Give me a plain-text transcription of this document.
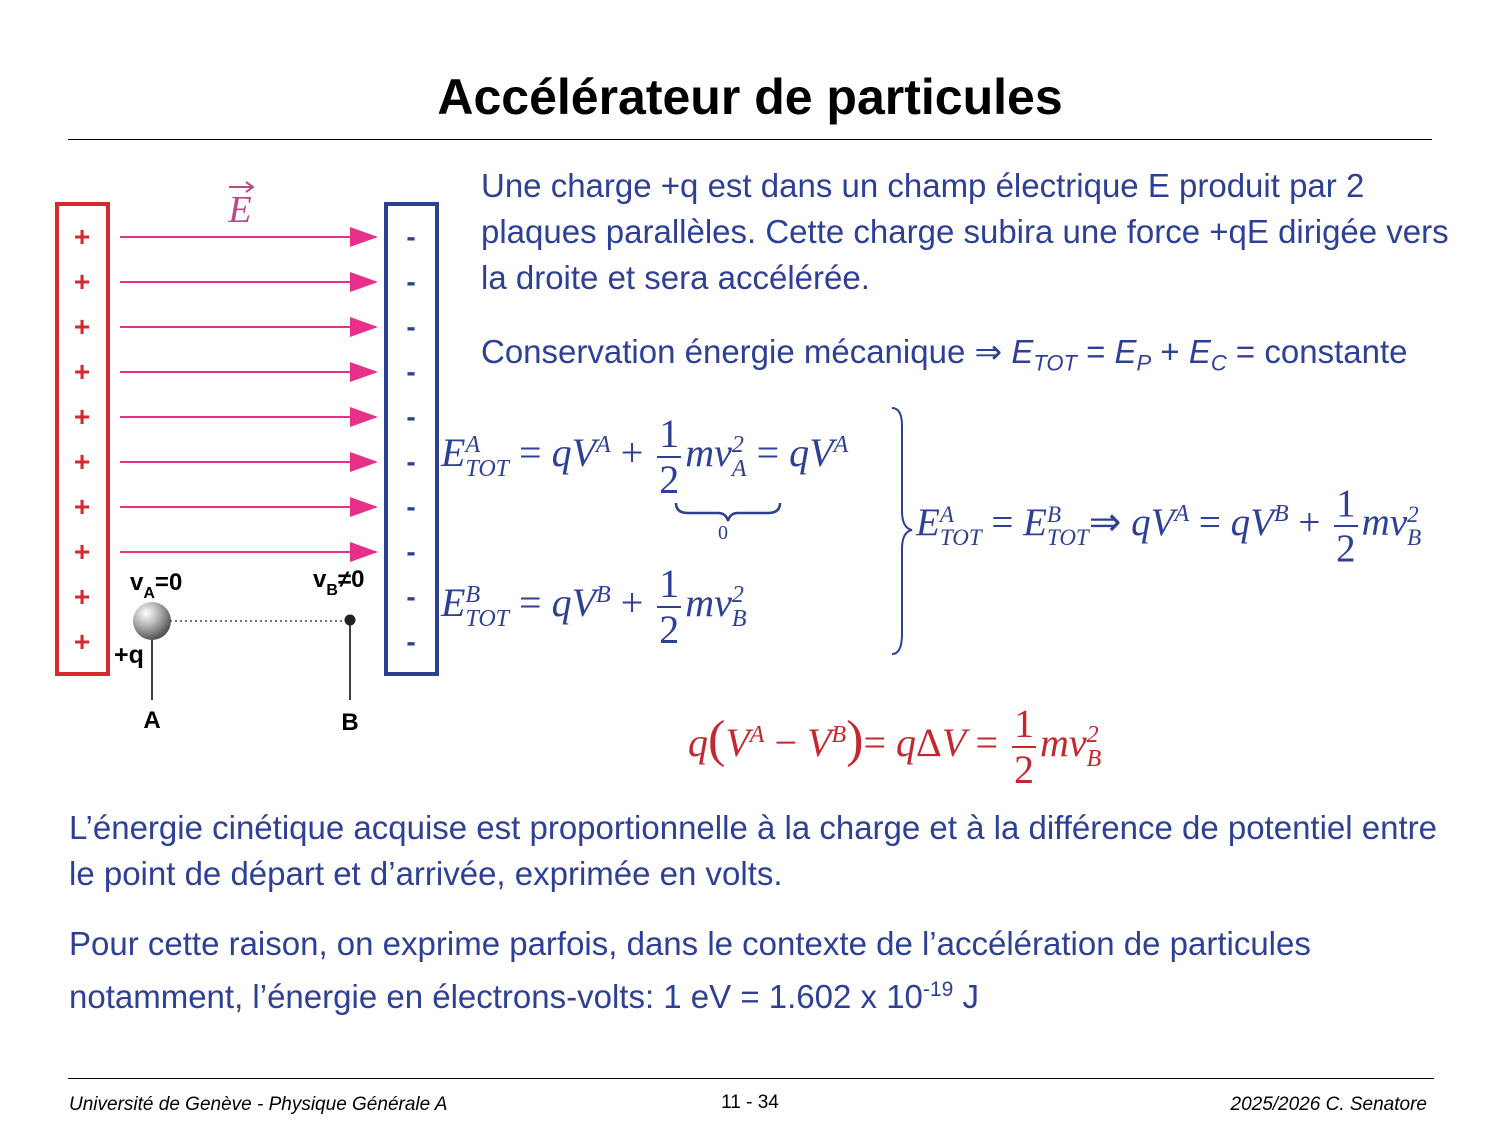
Accélérateur de particules
E
+	-
+	-
+	-
+	-
+	-
+	-
+	-
+	-
+	-
+	-
$v_A=0$	$v_B\ne 0$
+q
A	B
Une charge +q est dans un champ électrique E produit par 2 plaques parallèles. Cette charge subira une force +qE dirigée vers la droite et sera accélérée.
Conservation énergie mécanique ⇒ $E_{TOT} = E_P + E_C$ = constante
E A
TOT = $qV^A + \frac{1}{2}$ mv 2
$A = qV^A$
0
E B
TOT = $qV^B + \frac{1}{2}$ mv 2
B
E A
TOT = E B
TOT ⇒ $qV^A = qV^B + \frac{1}{2}$ mv 2
B
$q(V^A - V^B)= q\Delta V = \frac{1}{2}$ mv 2
B
L’énergie cinétique acquise est proportionnelle à la charge et à la différence de potentiel entre le point de départ et d’arrivée, exprimée en volts.
Pour cette raison, on exprime parfois, dans le contexte de l’accélération de particules notamment, l’énergie en électrons-volts: 1 eV = 1.602 x $10^{-19}$ J
Université de Genève - Physique Générale A	11 - 34	2025/2026 C. Senatore
